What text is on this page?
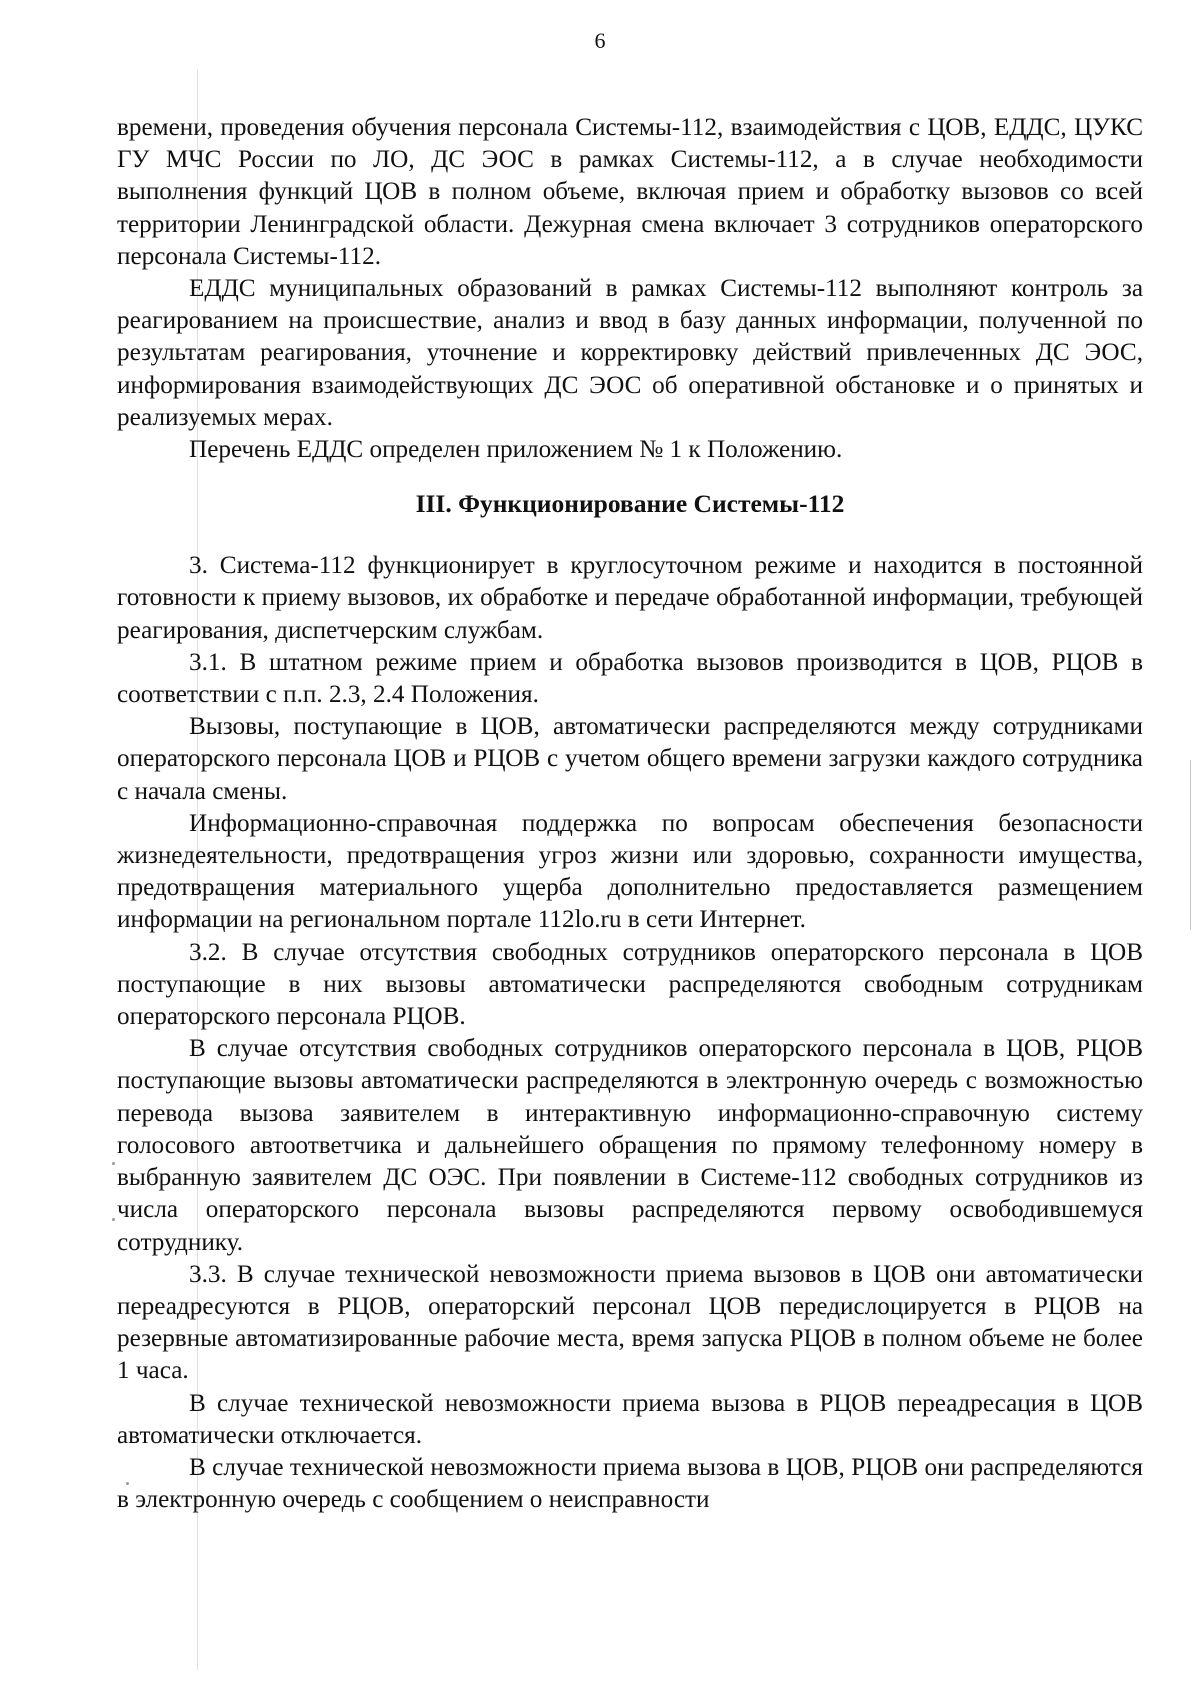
6

времени, проведения обучения персонала Системы-112, взаимодействия с ЦОВ, ЕДДС, ЦУКС ГУ МЧС России по ЛО, ДС ЭОС в рамках Системы-112, а в случае необходимости выполнения функций ЦОВ в полном объеме, включая прием и обработку вызовов со всей территории Ленинградской области. Дежурная смена включает 3 сотрудников операторского персонала Системы-112.

ЕДДС муниципальных образований в рамках Системы-112 выполняют контроль за реагированием на происшествие, анализ и ввод в базу данных информации, полученной по результатам реагирования, уточнение и корректировку действий привлеченных ДС ЭОС, информирования взаимодействующих ДС ЭОС об оперативной обстановке и о принятых и реализуемых мерах.

Перечень ЕДДС определен приложением № 1 к Положению.

III. Функционирование Системы-112

3. Система-112 функционирует в круглосуточном режиме и находится в постоянной готовности к приему вызовов, их обработке и передаче обработанной информации, требующей реагирования, диспетчерским службам.

3.1. В штатном режиме прием и обработка вызовов производится в ЦОВ, РЦОВ в соответствии с п.п. 2.3, 2.4 Положения.

Вызовы, поступающие в ЦОВ, автоматически распределяются между сотрудниками операторского персонала ЦОВ и РЦОВ с учетом общего времени загрузки каждого сотрудника с начала смены.

Информационно-справочная поддержка по вопросам обеспечения безопасности жизнедеятельности, предотвращения угроз жизни или здоровью, сохранности имущества, предотвращения материального ущерба дополнительно предоставляется размещением информации на региональном портале 112lo.ru в сети Интернет.

3.2. В случае отсутствия свободных сотрудников операторского персонала в ЦОВ поступающие в них вызовы автоматически распределяются свободным сотрудникам операторского персонала РЦОВ.

В случае отсутствия свободных сотрудников операторского персонала в ЦОВ, РЦОВ поступающие вызовы автоматически распределяются в электронную очередь с возможностью перевода вызова заявителем в интерактивную информационно-справочную систему голосового автоответчика и дальнейшего обращения по прямому телефонному номеру в выбранную заявителем ДС ОЭС. При появлении в Системе-112 свободных сотрудников из числа операторского персонала вызовы распределяются первому освободившемуся сотруднику.

3.3. В случае технической невозможности приема вызовов в ЦОВ они автоматически переадресуются в РЦОВ, операторский персонал ЦОВ передислоцируется в РЦОВ на резервные автоматизированные рабочие места, время запуска РЦОВ в полном объеме не более 1 часа.

В случае технической невозможности приема вызова в РЦОВ переадресация в ЦОВ автоматически отключается.

В случае технической невозможности приема вызова в ЦОВ, РЦОВ они распределяются в электронную очередь с сообщением о неисправности
